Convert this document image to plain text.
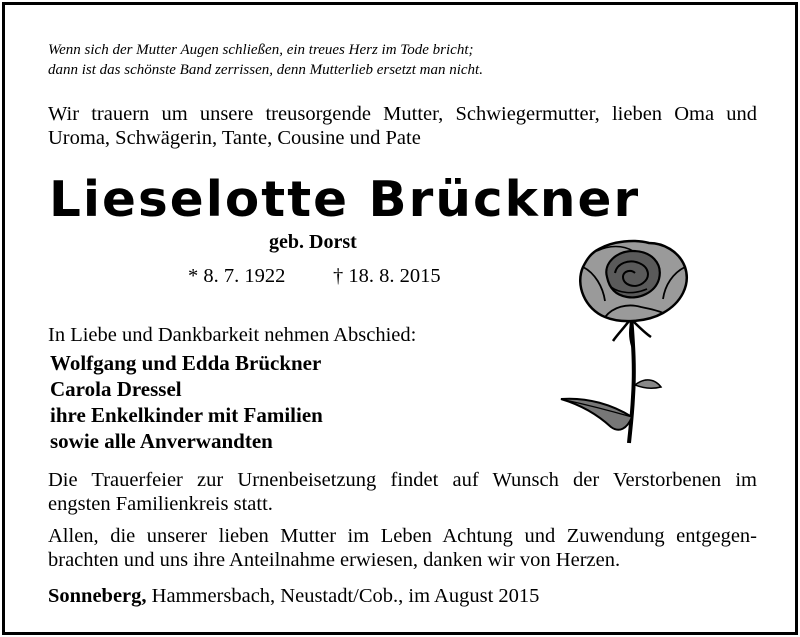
Wenn sich der Mutter Augen schließen, ein treues Herz im Tode bricht;
dann ist das schönste Band zerrissen, denn Mutterlieb ersetzt man nicht.
Wir trauern um unsere treusorgende Mutter, Schwiegermutter, lieben Oma und
Uroma, Schwägerin, Tante, Cousine und Pate
Lieselotte Brückner
geb. Dorst
* 8. 7. 1922 † 18. 8. 2015
In Liebe und Dankbarkeit nehmen Abschied:
Wolfgang und Edda Brückner
Carola Dressel
ihre Enkelkinder mit Familien
sowie alle Anverwandten
Die Trauerfeier zur Urnenbeisetzung findet auf Wunsch der Verstorbenen im
engsten Familienkreis statt.
Allen, die unserer lieben Mutter im Leben Achtung und Zuwendung entgegen-
brachten und uns ihre Anteilnahme erwiesen, danken wir von Herzen.
Sonneberg, Hammersbach, Neustadt/Cob., im August 2015
